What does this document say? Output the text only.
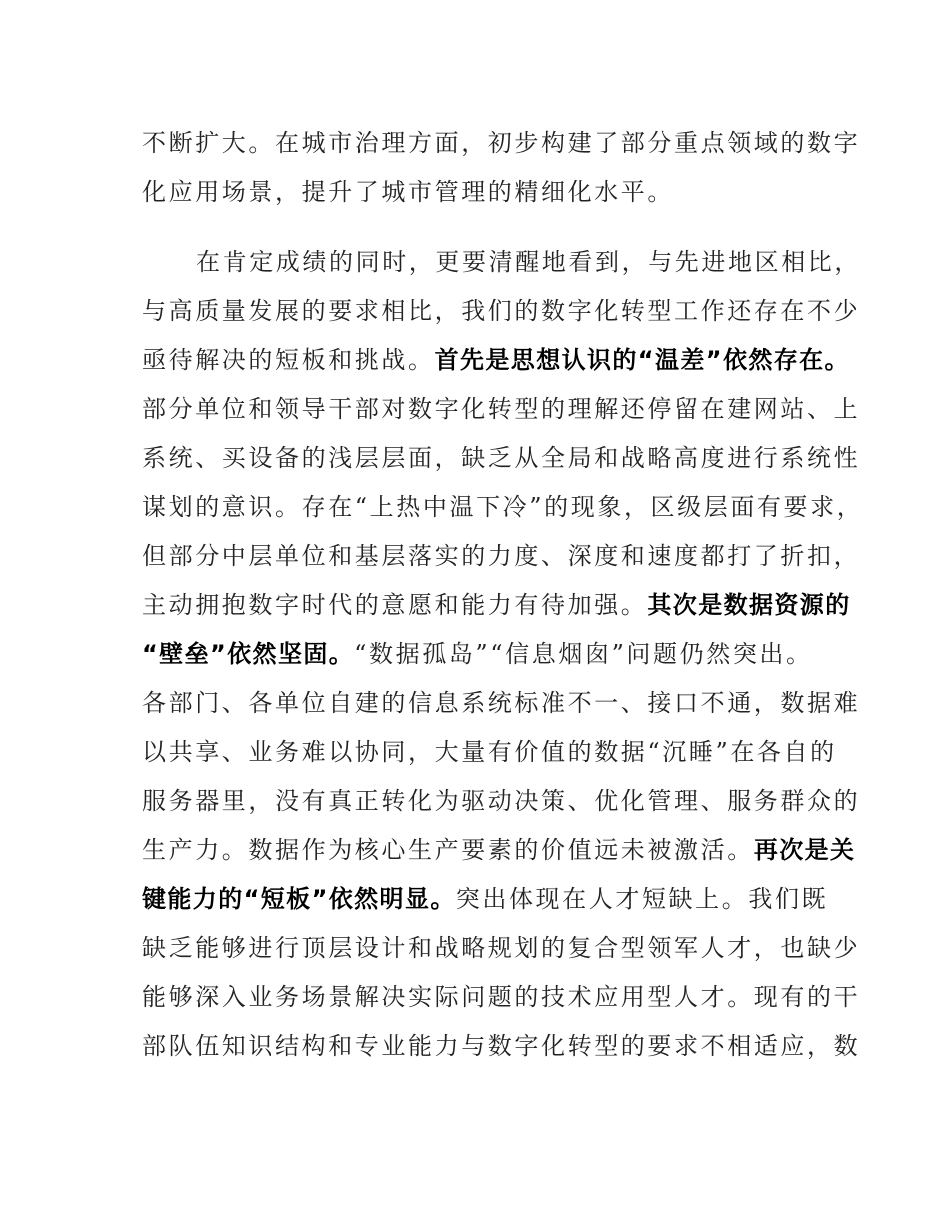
不断扩大。在城市治理方面，初步构建了部分重点领域的数字
化应用场景，提升了城市管理的精细化水平。
在肯定成绩的同时，更要清醒地看到，与先进地区相比，
与高质量发展的要求相比，我们的数字化转型工作还存在不少
亟待解决的短板和挑战。首先是思想认识的“温差”依然存在。
部分单位和领导干部对数字化转型的理解还停留在建网站、上
系统、买设备的浅层层面，缺乏从全局和战略高度进行系统性
谋划的意识。存在“上热中温下冷”的现象，区级层面有要求，
但部分中层单位和基层落实的力度、深度和速度都打了折扣，
主动拥抱数字时代的意愿和能力有待加强。其次是数据资源的
“壁垒”依然坚固。“数据孤岛”“信息烟囱”问题仍然突出。
各部门、各单位自建的信息系统标准不一、接口不通，数据难
以共享、业务难以协同，大量有价值的数据“沉睡”在各自的
服务器里，没有真正转化为驱动决策、优化管理、服务群众的
生产力。数据作为核心生产要素的价值远未被激活。再次是关
键能力的“短板”依然明显。突出体现在人才短缺上。我们既
缺乏能够进行顶层设计和战略规划的复合型领军人才，也缺少
能够深入业务场景解决实际问题的技术应用型人才。现有的干
部队伍知识结构和专业能力与数字化转型的要求不相适应，数
